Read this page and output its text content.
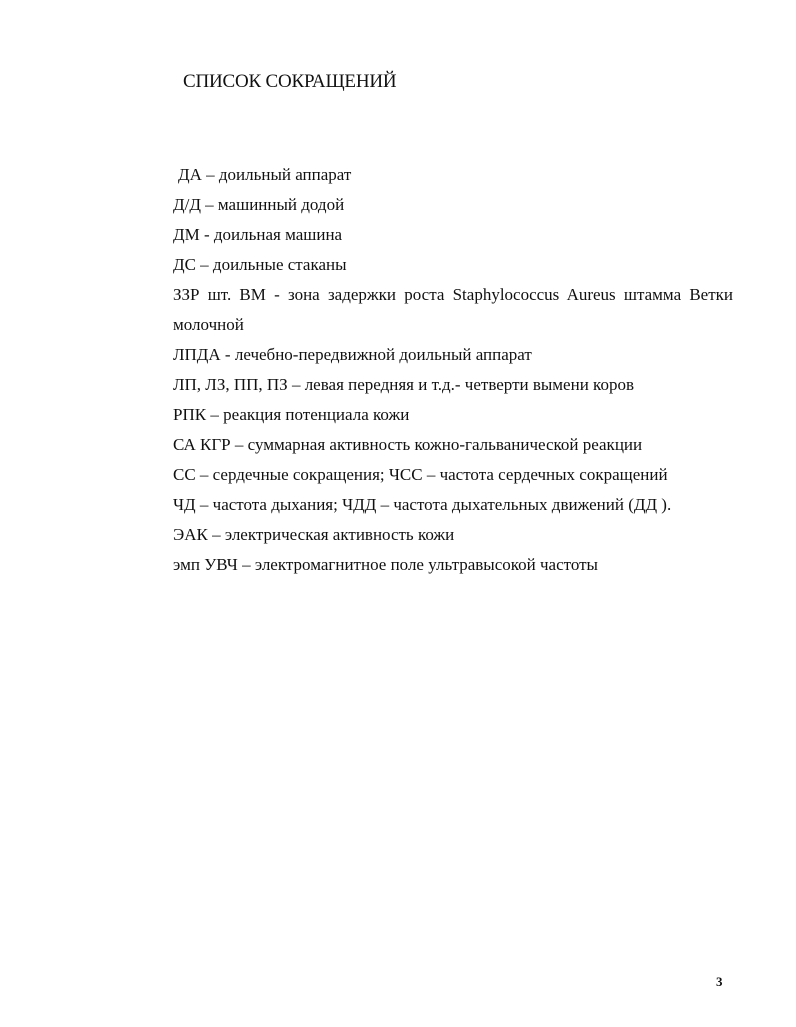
СПИСОК СОКРАЩЕНИЙ
ДА – доильный аппарат
Д/Д – машинный додой
ДМ - доильная машина
ДС – доильные стаканы
ЗЗР шт. ВМ - зона задержки роста Staphylococcus Aureus штамма Ветки молочной
ЛПДА - лечебно-передвижной доильный аппарат
ЛП, ЛЗ, ПП, ПЗ – левая передняя и т.д.- четверти вымени коров
РПК – реакция потенциала кожи
СА КГР – суммарная активность кожно-гальванической реакции
СС – сердечные сокращения; ЧСС – частота сердечных сокращений
ЧД – частота дыхания; ЧДД – частота дыхательных движений (ДД ).
ЭАК – электрическая активность кожи
эмп УВЧ – электромагнитное поле ультравысокой частоты
3
